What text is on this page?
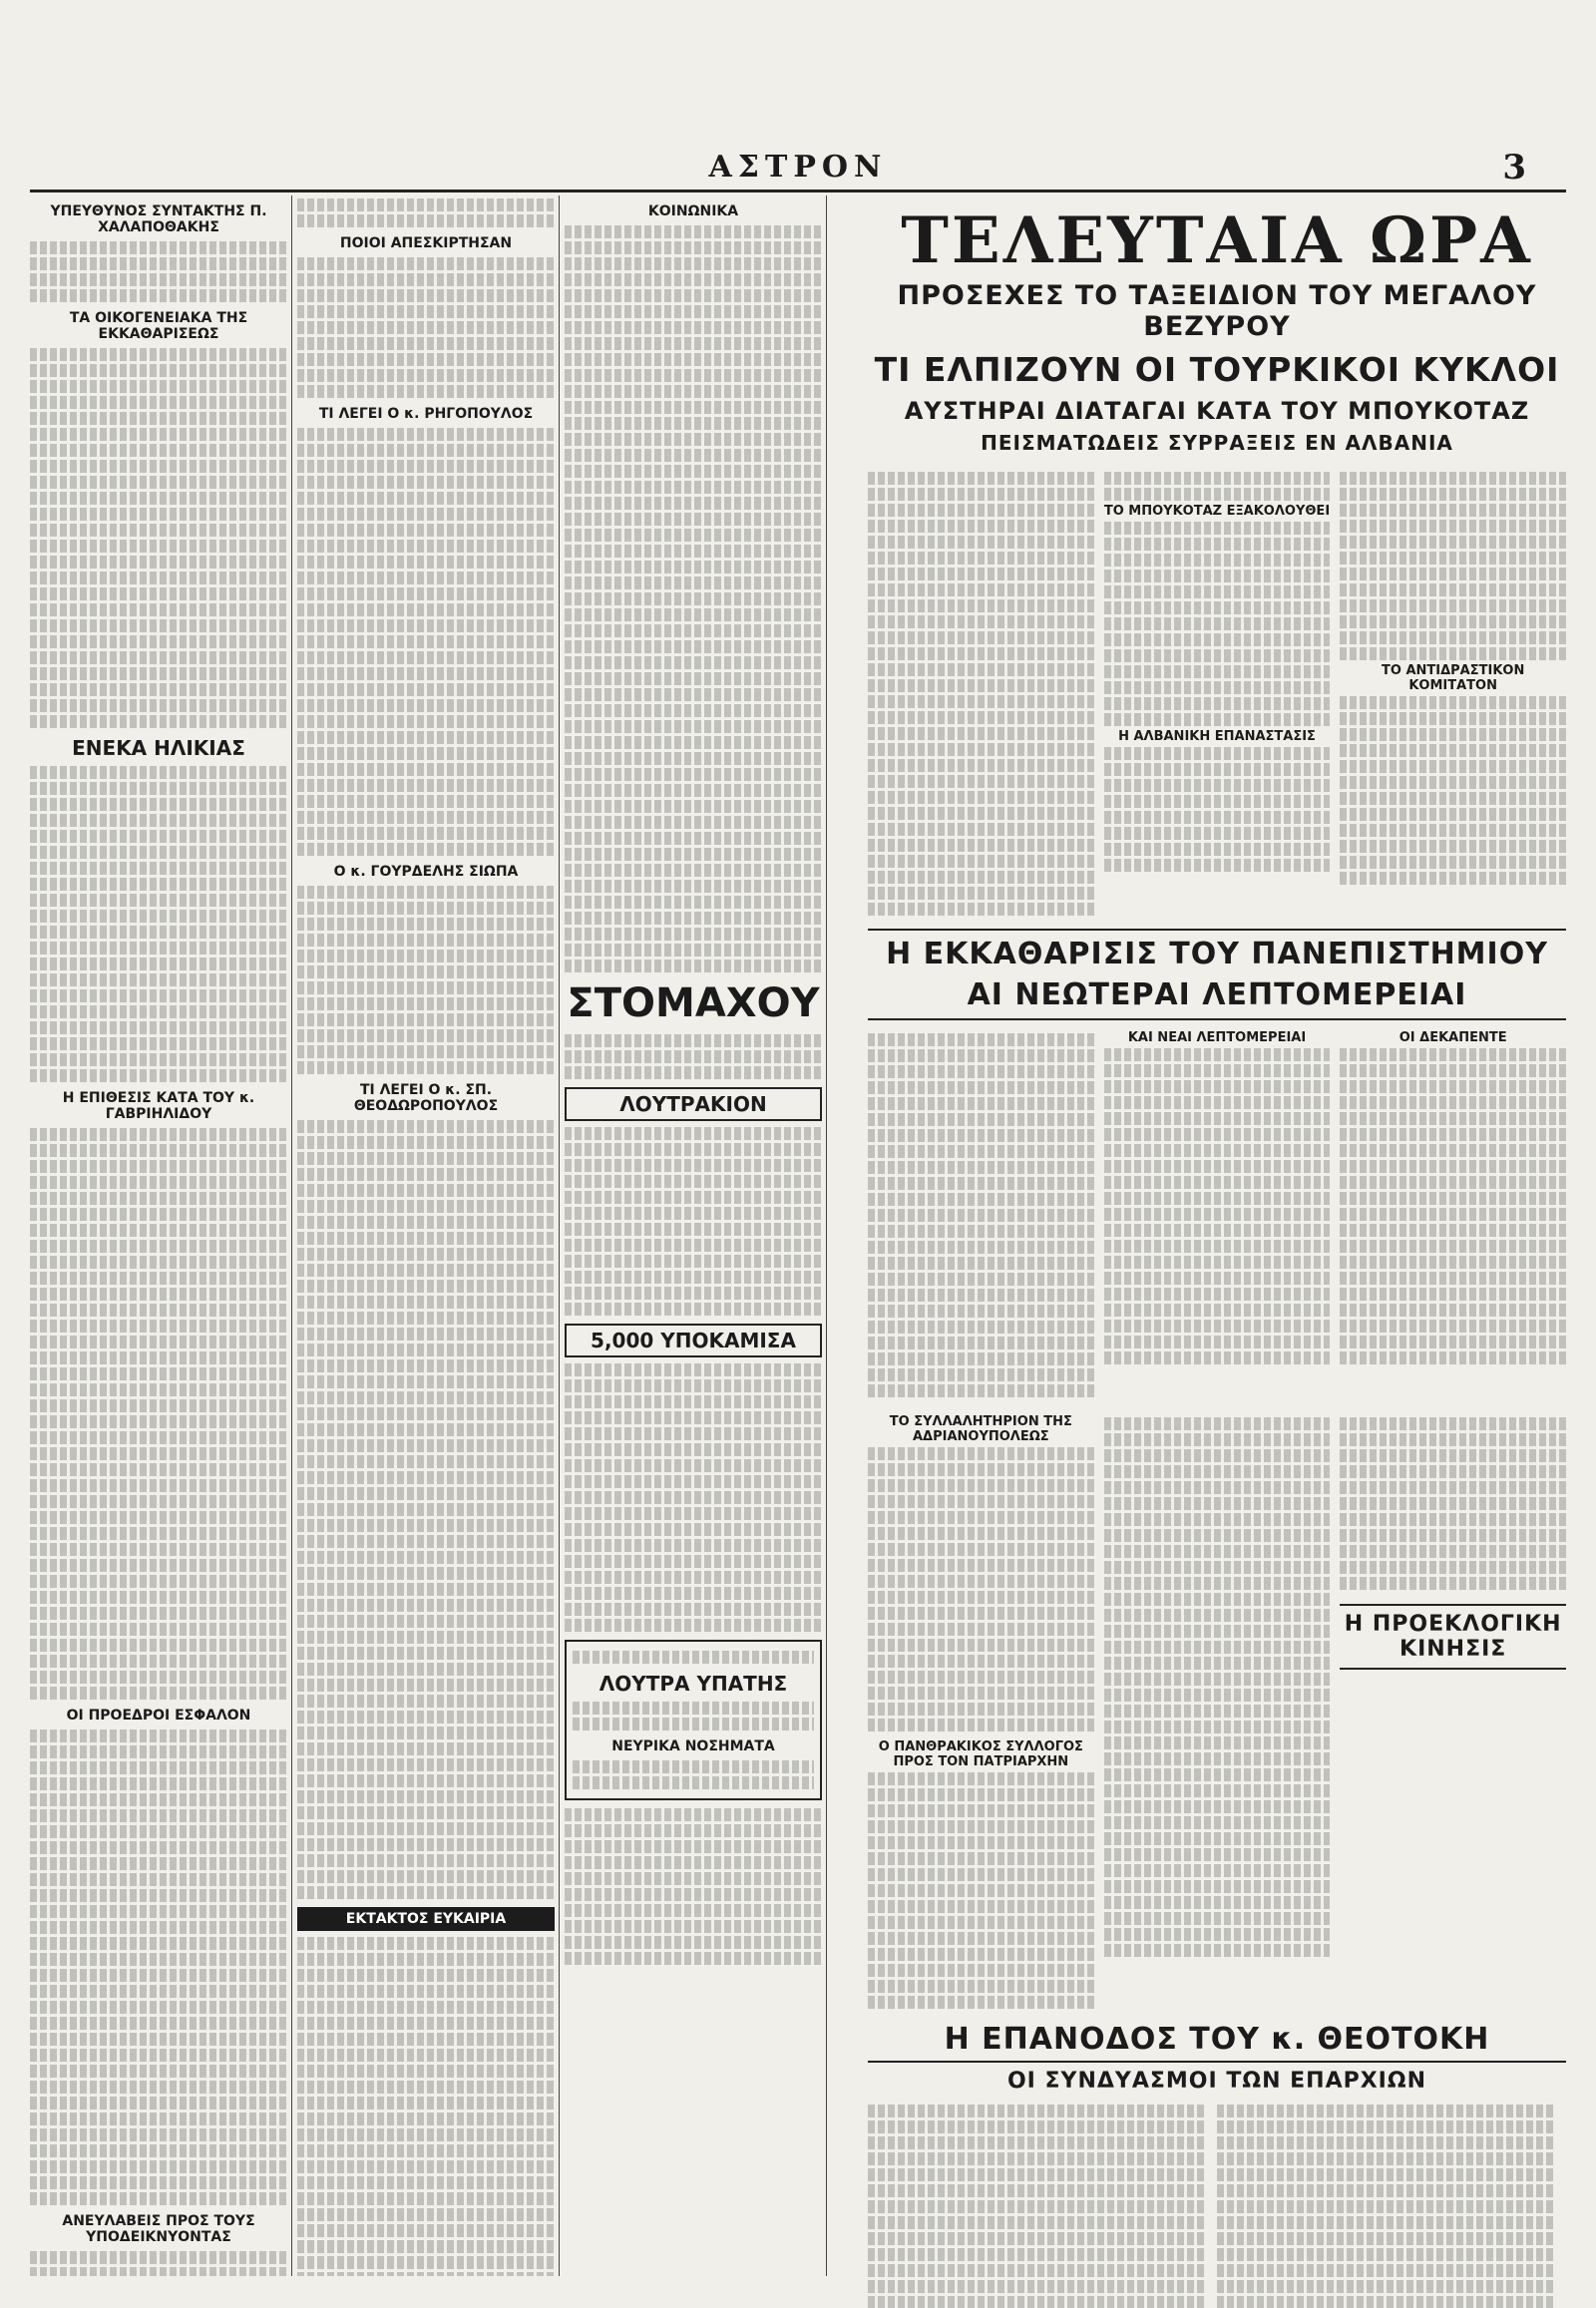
ΑΣΤΡΟΝ	3
ΥΠΕΥΘΥΝΟΣ ΣΥΝΤΑΚΤΗΣ Π. ΧΑΛΑΠΟΘΑΚΗΣ
ΤΑ ΟΙΚΟΓΕΝΕΙΑΚΑ ΤΗΣ ΕΚΚΑΘΑΡΙΣΕΩΣ
ΕΝΕΚΑ ΗΛΙΚΙΑΣ
Η ΕΠΙΘΕΣΙΣ ΚΑΤΑ ΤΟΥ κ. ΓΑΒΡΙΗΛΙΔΟΥ
ΟΙ ΠΡΟΕΔΡΟΙ ΕΣΦΑΛΟΝ
ΑΝΕΥΛΑΒΕΙΣ ΠΡΟΣ ΤΟΥΣ ΥΠΟΔΕΙΚΝΥΟΝΤΑΣ
ΠΟΙΟΙ ΑΠΕΣΚΙΡΤΗΣΑΝ
ΤΙ ΛΕΓΕΙ Ο κ. ΡΗΓΟΠΟΥΛΟΣ
Ο κ. ΓΟΥΡΔΕΛΗΣ ΣΙΩΠΑ
ΤΙ ΛΕΓΕΙ Ο κ. ΣΠ. ΘΕΟΔΩΡΟΠΟΥΛΟΣ
ΕΚΤΑΚΤΟΣ ΕΥΚΑΙΡΙΑ
ΚΟΙΝΩΝΙΚΑ
ΣΤΟΜΑΧΟΥ
ΛΟΥΤΡΑΚΙΟΝ
5,000 ΥΠΟΚΑΜΙΣΑ
ΛΟΥΤΡΑ ΥΠΑΤΗΣ
ΝΕΥΡΙΚΑ ΝΟΣΗΜΑΤΑ
ΤΕΛΕΥΤΑΙΑ ΩΡΑ
ΠΡΟΣΕΧΕΣ ΤΟ ΤΑΞΕΙΔΙΟΝ ΤΟΥ ΜΕΓΑΛΟΥ ΒΕΖΥΡΟΥ
ΤΙ ΕΛΠΙΖΟΥΝ ΟΙ ΤΟΥΡΚΙΚΟΙ ΚΥΚΛΟΙ
ΑΥΣΤΗΡΑΙ ΔΙΑΤΑΓΑΙ ΚΑΤΑ ΤΟΥ ΜΠΟΥΚΟΤΑΖ
ΠΕΙΣΜΑΤΩΔΕΙΣ ΣΥΡΡΑΞΕΙΣ ΕΝ ΑΛΒΑΝΙΑ
ΤΟ ΜΠΟΥΚΟΤΑΖ ΕΞΑΚΟΛΟΥΘΕΙ
Η ΑΛΒΑΝΙΚΗ ΕΠΑΝΑΣΤΑΣΙΣ
ΤΟ ΑΝΤΙΔΡΑΣΤΙΚΟΝ ΚΟΜΙΤΑΤΟΝ
Η ΕΚΚΑΘΑΡΙΣΙΣ ΤΟΥ ΠΑΝΕΠΙΣΤΗΜΙΟΥ
ΑΙ ΝΕΩΤΕΡΑΙ ΛΕΠΤΟΜΕΡΕΙΑΙ
ΚΑΙ ΝΕΑΙ ΛΕΠΤΟΜΕΡΕΙΑΙ	ΟΙ ΔΕΚΑΠΕΝΤΕ
ΤΟ ΣΥΛΛΑΛΗΤΗΡΙΟΝ ΤΗΣ ΑΔΡΙΑΝΟΥΠΟΛΕΩΣ
Ο ΠΑΝΘΡΑΚΙΚΟΣ ΣΥΛΛΟΓΟΣ ΠΡΟΣ ΤΟΝ ΠΑΤΡΙΑΡΧΗΝ
Η ΠΡΟΕΚΛΟΓΙΚΗ ΚΙΝΗΣΙΣ
Η ΕΠΑΝΟΔΟΣ ΤΟΥ κ. ΘΕΟΤΟΚΗ
ΟΙ ΣΥΝΔΥΑΣΜΟΙ ΤΩΝ ΕΠΑΡΧΙΩΝ
